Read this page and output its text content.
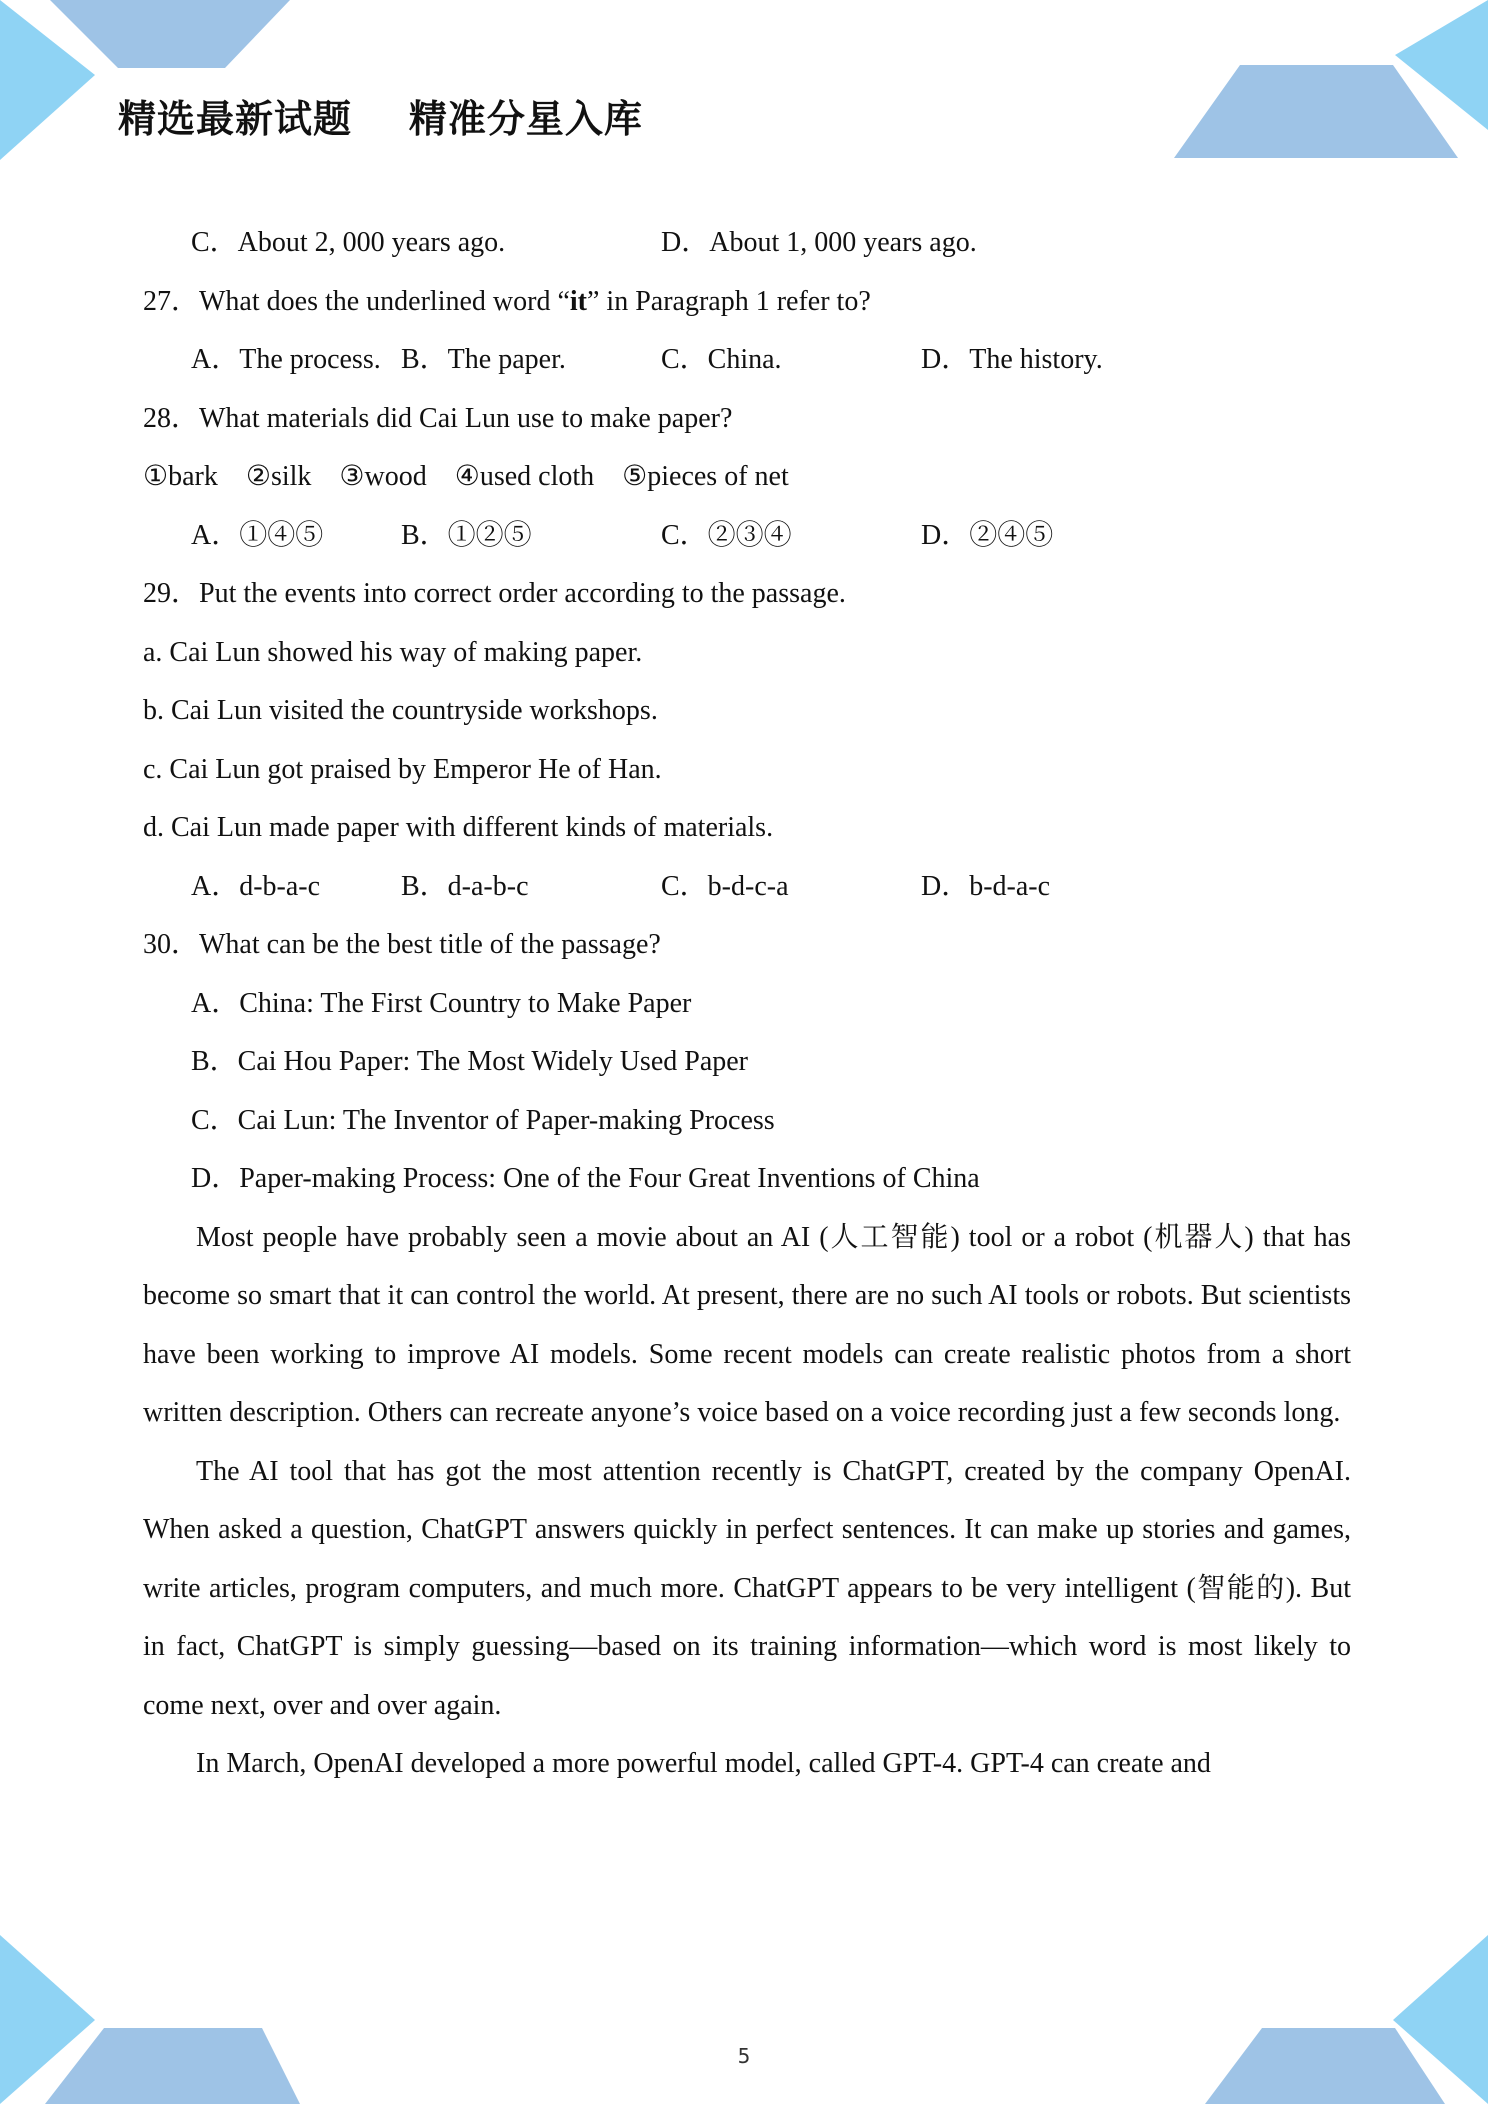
精选最新试题    精准分星入库
C．About 2, 000 years ago.	D．About 1, 000 years ago.
27．What does the underlined word “it” in Paragraph 1 refer to?
A．The process. B．The paper.	C．China.	D．The history.
28．What materials did Cai Lun use to make paper?
①bark    ②silk    ③wood    ④used cloth    ⑤pieces of net
A．①④⑤	B．①②⑤	C．②③④	D．②④⑤
29．Put the events into correct order according to the passage.
a. Cai Lun showed his way of making paper.
b. Cai Lun visited the countryside workshops.
c. Cai Lun got praised by Emperor He of Han.
d. Cai Lun made paper with different kinds of materials.
A．d-b-a-c	B．d-a-b-c	C．b-d-c-a	D．b-d-a-c
30．What can be the best title of the passage?
A．China: The First Country to Make Paper
B．Cai Hou Paper: The Most Widely Used Paper
C．Cai Lun: The Inventor of Paper-making Process
D．Paper-making Process: One of the Four Great Inventions of China

Most people have probably seen a movie about an AI (人工智能) tool or a robot (机器人) that has become so smart that it can control the world. At present, there are no such AI tools or robots. But scientists have been working to improve AI models. Some recent models can create realistic photos from a short written description. Others can recreate anyone’s voice based on a voice recording just a few seconds long.

The AI tool that has got the most attention recently is ChatGPT, created by the company OpenAI. When asked a question, ChatGPT answers quickly in perfect sentences. It can make up stories and games, write articles, program computers, and much more. ChatGPT appears to be very intelligent (智能的). But in fact, ChatGPT is simply guessing—based on its training information—which word is most likely to come next, over and over again.

In March, OpenAI developed a more powerful model, called GPT-4. GPT-4 can create and

5
